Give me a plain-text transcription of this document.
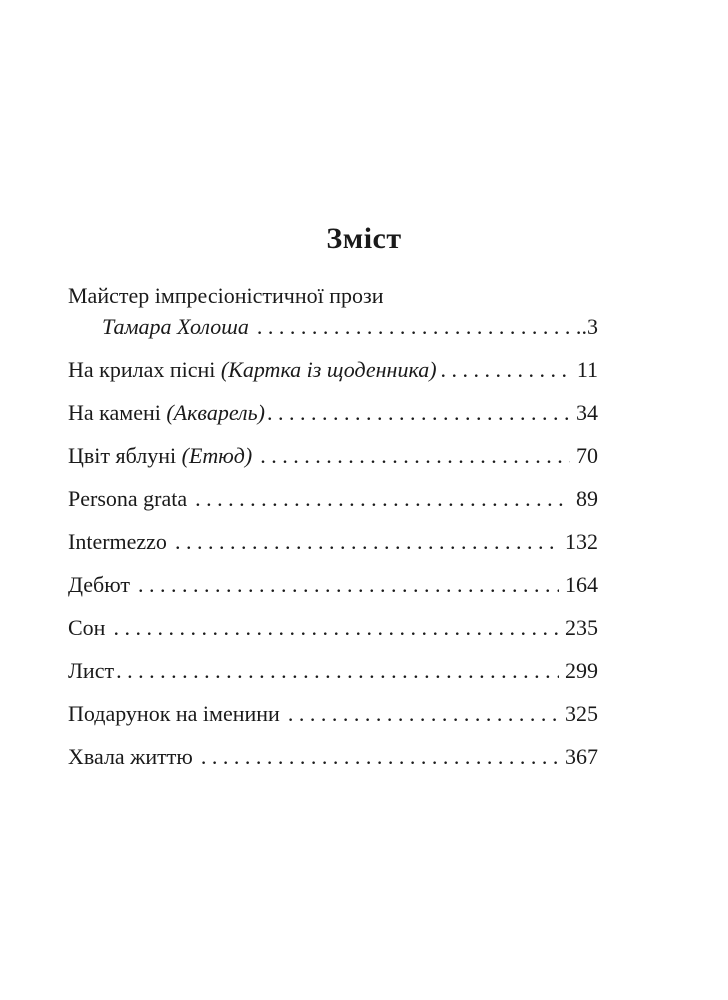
Зміст
Майстер імпресіоністичної прози
Тамара Холоша . . .	.3
На крилах пісні (Картка із щоденника) . . .	11
На камені (Акварель) . . .	34
Цвіт яблуні (Етюд) . . .	70
Persona grata . . .	89
Intermezzo . . .	132
Дебют . . .	164
Сон . . .	235
Лист . . .	299
Подарунок на іменини . . .	325
Хвала життю . . .	367
